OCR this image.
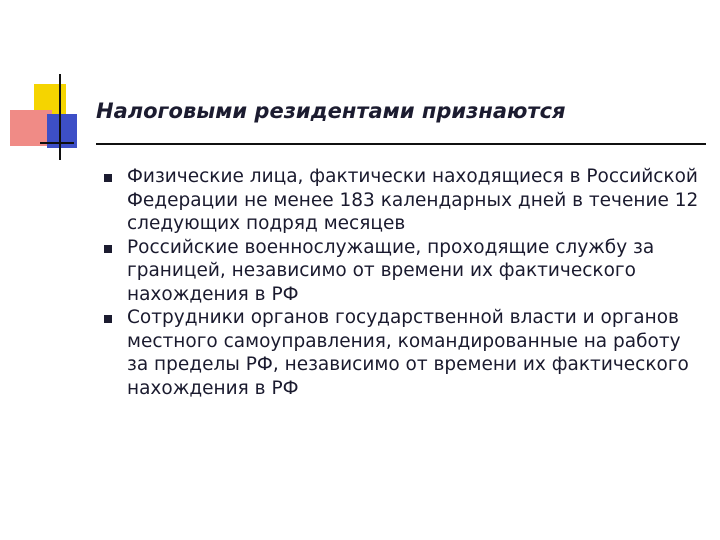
Налоговыми резидентами признаются
Физические лица, фактически находящиеся в Российской Федерации не менее 183 календарных дней в течение 12 следующих подряд месяцев
Российские военнослужащие, проходящие службу за границей, независимо от времени их фактического нахождения в РФ
Сотрудники органов государственной власти и органов местного самоуправления, командированные на работу за пределы РФ, независимо от времени их фактического нахождения в РФ
